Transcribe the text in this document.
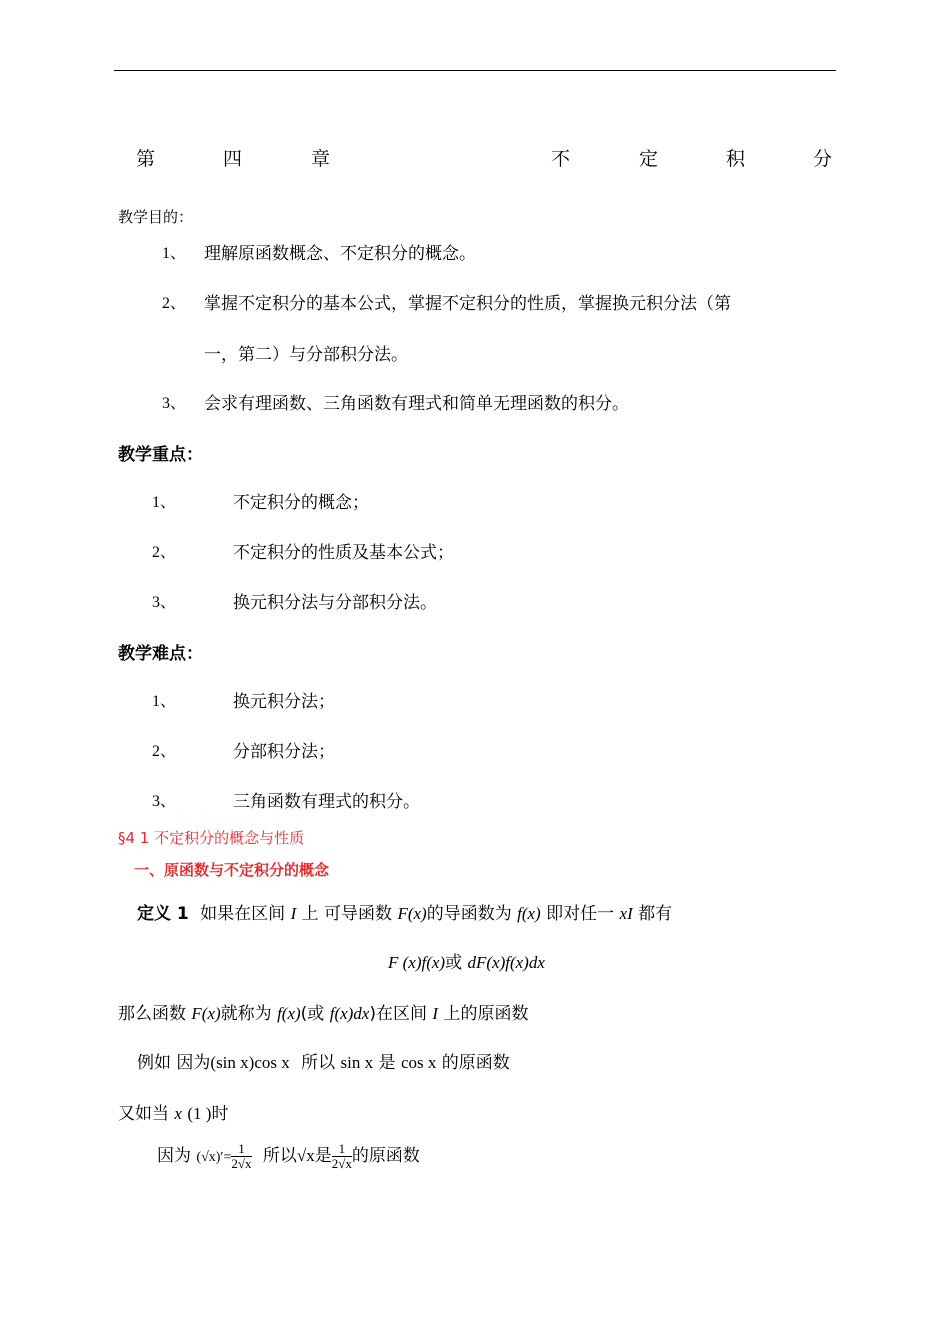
第	四	章	不	定	积	分
教学目的：
1、 理解原函数概念、不定积分的概念。
2、 掌握不定积分的基本公式，掌握不定积分的性质，掌握换元积分法（第
一，第二）与分部积分法。
3、 会求有理函数、三角函数有理式和简单无理函数的积分。
教学重点：
1、	不定积分的概念；
2、	不定积分的性质及基本公式；
3、	换元积分法与分部积分法。
教学难点：
1、	换元积分法；
2、	分部积分法；
3、	三角函数有理式的积分。
§4 1 不定积分的概念与性质
一、原函数与不定积分的概念
定义 1 如果在区间 I 上 可导函数 F(x)的导函数为 f(x) 即对任一 xI 都有
F (x)f(x)或 dF(x)f(x)dx
那么函数 F(x)就称为 f(x)(或 f(x)dx)在区间 I 上的原函数
例如 因为(sin x)cos x 所以 sin x 是 cos x 的原函数
又如当 x (1 )时
因为 $(√x)'= \frac{1}{2√x}$ 所以√x是 $\frac{1}{2√x}$ 的原函数
